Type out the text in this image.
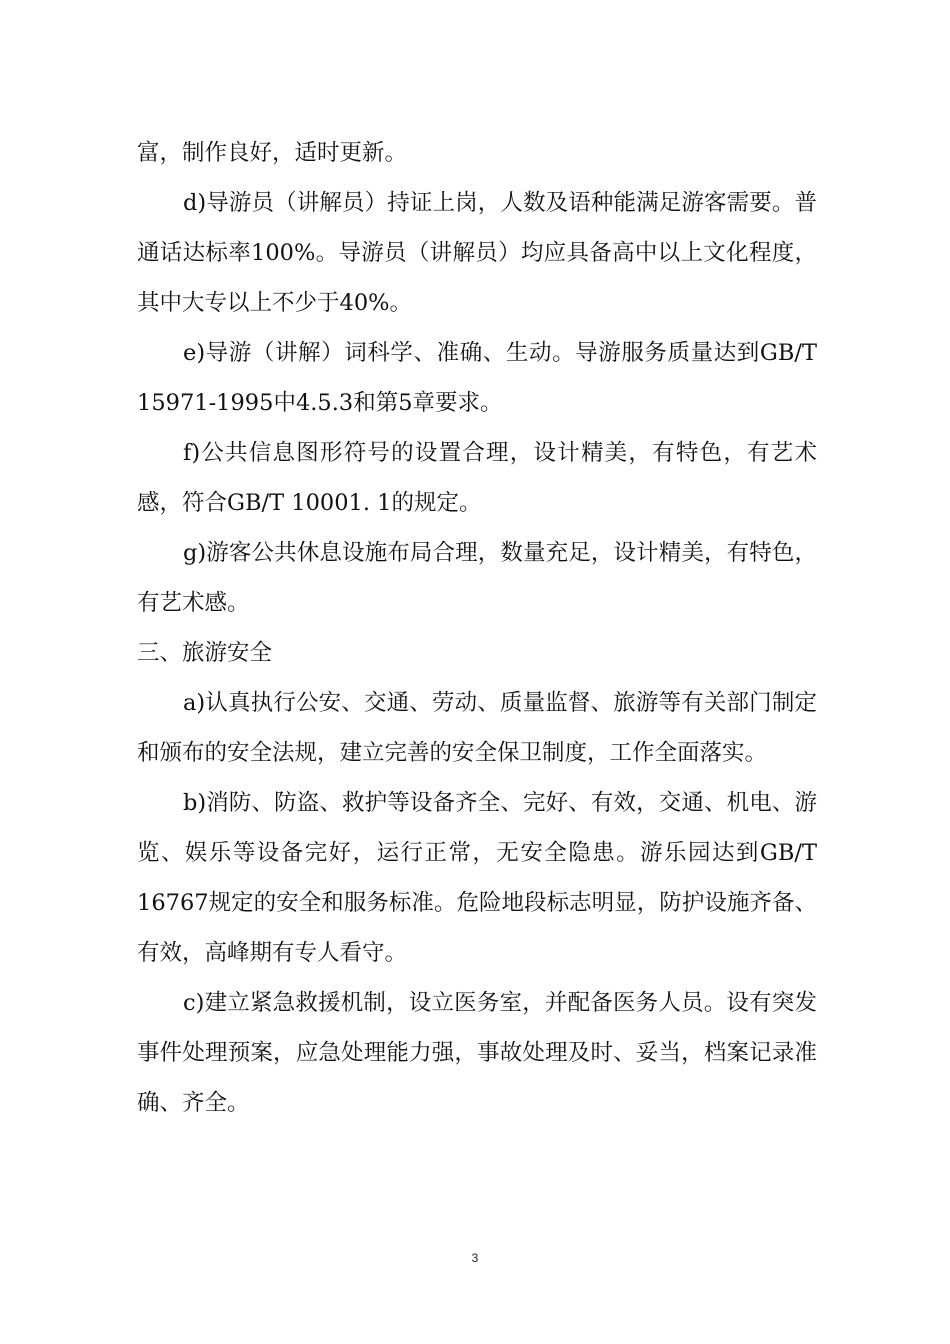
富，制作良好，适时更新。

d)导游员（讲解员）持证上岗，人数及语种能满足游客需要。普通话达标率100%。导游员（讲解员）均应具备高中以上文化程度，其中大专以上不少于40%。

e)导游（讲解）词科学、准确、生动。导游服务质量达到GB/T 15971-1995中4.5.3和第5章要求。

f)公共信息图形符号的设置合理，设计精美，有特色，有艺术感，符合GB/T 10001. 1的规定。

g)游客公共休息设施布局合理，数量充足，设计精美，有特色，有艺术感。

三、旅游安全

a)认真执行公安、交通、劳动、质量监督、旅游等有关部门制定和颁布的安全法规，建立完善的安全保卫制度，工作全面落实。

b)消防、防盗、救护等设备齐全、完好、有效，交通、机电、游览、娱乐等设备完好，运行正常，无安全隐患。游乐园达到GB/T 16767规定的安全和服务标准。危险地段标志明显，防护设施齐备、有效，高峰期有专人看守。

c)建立紧急救援机制，设立医务室，并配备医务人员。设有突发事件处理预案，应急处理能力强，事故处理及时、妥当，档案记录准确、齐全。

3
